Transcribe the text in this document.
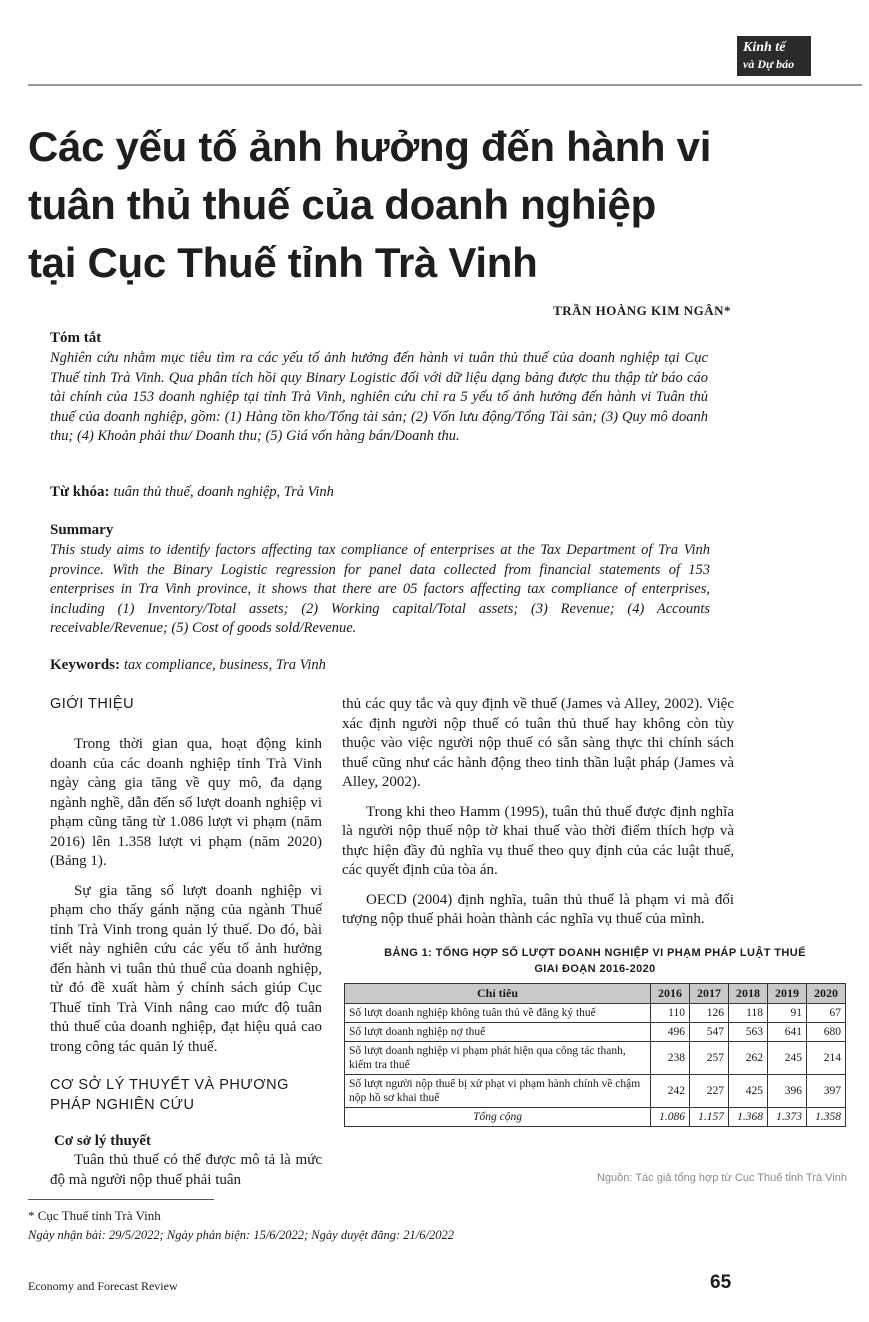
Kinh tế
và Dự báo
Các yếu tố ảnh hưởng đến hành vi
tuân thủ thuế của doanh nghiệp
tại Cục Thuế tỉnh Trà Vinh
TRẦN HOÀNG KIM NGÂN*
Tóm tắt
Nghiên cứu nhằm mục tiêu tìm ra các yếu tố ảnh hưởng đến hành vi tuân thủ thuế của doanh nghiệp tại Cục Thuế tỉnh Trà Vinh. Qua phân tích hồi quy Binary Logistic đối với dữ liệu dạng bảng được thu thập từ báo cáo tài chính của 153 doanh nghiệp tại tỉnh Trà Vinh, nghiên cứu chỉ ra 5 yếu tố ảnh hưởng đến hành vi Tuân thủ thuế của doanh nghiệp, gồm: (1) Hàng tồn kho/Tổng tài sản; (2) Vốn lưu động/Tổng Tài sản; (3) Quy mô doanh thu; (4) Khoản phải thu/ Doanh thu; (5) Giá vốn hàng bán/Doanh thu.
Từ khóa: tuân thủ thuế, doanh nghiệp, Trà Vinh
Summary
This study aims to identify factors affecting tax compliance of enterprises at the Tax Department of Tra Vinh province. With the Binary Logistic regression for panel data collected from financial statements of 153 enterprises in Tra Vinh province, it shows that there are 05 factors affecting tax compliance of enterprises, including (1) Inventory/Total assets; (2) Working capital/Total assets; (3) Revenue; (4) Accounts receivable/Revenue; (5) Cost of goods sold/Revenue.
Keywords: tax compliance, business, Tra Vinh
GIỚI THIỆU

Trong thời gian qua, hoạt động kinh doanh của các doanh nghiệp tỉnh Trà Vinh ngày càng gia tăng về quy mô, đa dạng ngành nghề, dẫn đến số lượt doanh nghiệp vi phạm cũng tăng từ 1.086 lượt vi phạm (năm 2016) lên 1.358 lượt vi phạm (năm 2020) (Bảng 1).

Sự gia tăng số lượt doanh nghiệp vi phạm cho thấy gánh nặng của ngành Thuế tỉnh Trà Vinh trong quản lý thuế. Do đó, bài viết này nghiên cứu các yếu tố ảnh hưởng đến hành vi tuân thủ thuế của doanh nghiệp, từ đó đề xuất hàm ý chính sách giúp Cục Thuế tỉnh Trà Vinh nâng cao mức độ tuân thủ thuế của doanh nghiệp, đạt hiệu quả cao trong công tác quản lý thuế.

CƠ SỞ LÝ THUYẾT VÀ PHƯƠNG PHÁP NGHIÊN CỨU
Cơ sở lý thuyết

Tuân thủ thuế có thể được mô tả là mức độ mà người nộp thuế phải tuân

thủ các quy tắc và quy định về thuế (James và Alley, 2002). Việc xác định người nộp thuế có tuân thủ thuế hay không còn tùy thuộc vào việc người nộp thuế có sẵn sàng thực thi chính sách thuế cũng như các hành động theo tinh thần luật pháp (James và Alley, 2002).

Trong khi theo Hamm (1995), tuân thủ thuế được định nghĩa là người nộp thuế nộp tờ khai thuế vào thời điểm thích hợp và thực hiện đầy đủ nghĩa vụ thuế theo quy định của các luật thuế, các quyết định của tòa án.

OECD (2004) định nghĩa, tuân thủ thuế là phạm vi mà đối tượng nộp thuế phải hoàn thành các nghĩa vụ thuế của mình.

BẢNG 1: TỔNG HỢP SỐ LƯỢT DOANH NGHIỆP VI PHẠM PHÁP LUẬT THUẾ
GIAI ĐOẠN 2016-2020
Chỉ tiêu	2016	2017	2018	2019	2020
Số lượt doanh nghiệp không tuân thủ về đăng ký thuế	110	126	118	91	67
Số lượt doanh nghiệp nợ thuế	496	547	563	641	680
Số lượt doanh nghiệp vi phạm phát hiện qua công tác thanh, kiểm tra thuế	238	257	262	245	214
Số lượt người nộp thuế bị xử phạt vi phạm hành chính về chậm nộp hồ sơ khai thuế	242	227	425	396	397
Tổng cộng	1.086	1.157	1.368	1.373	1.358
Nguồn: Tác giả tổng hợp từ Cục Thuế tỉnh Trà Vinh
* Cục Thuế tỉnh Trà Vinh
Ngày nhận bài: 29/5/2022; Ngày phản biện: 15/6/2022; Ngày duyệt đăng: 21/6/2022
Economy and Forecast Review	65
